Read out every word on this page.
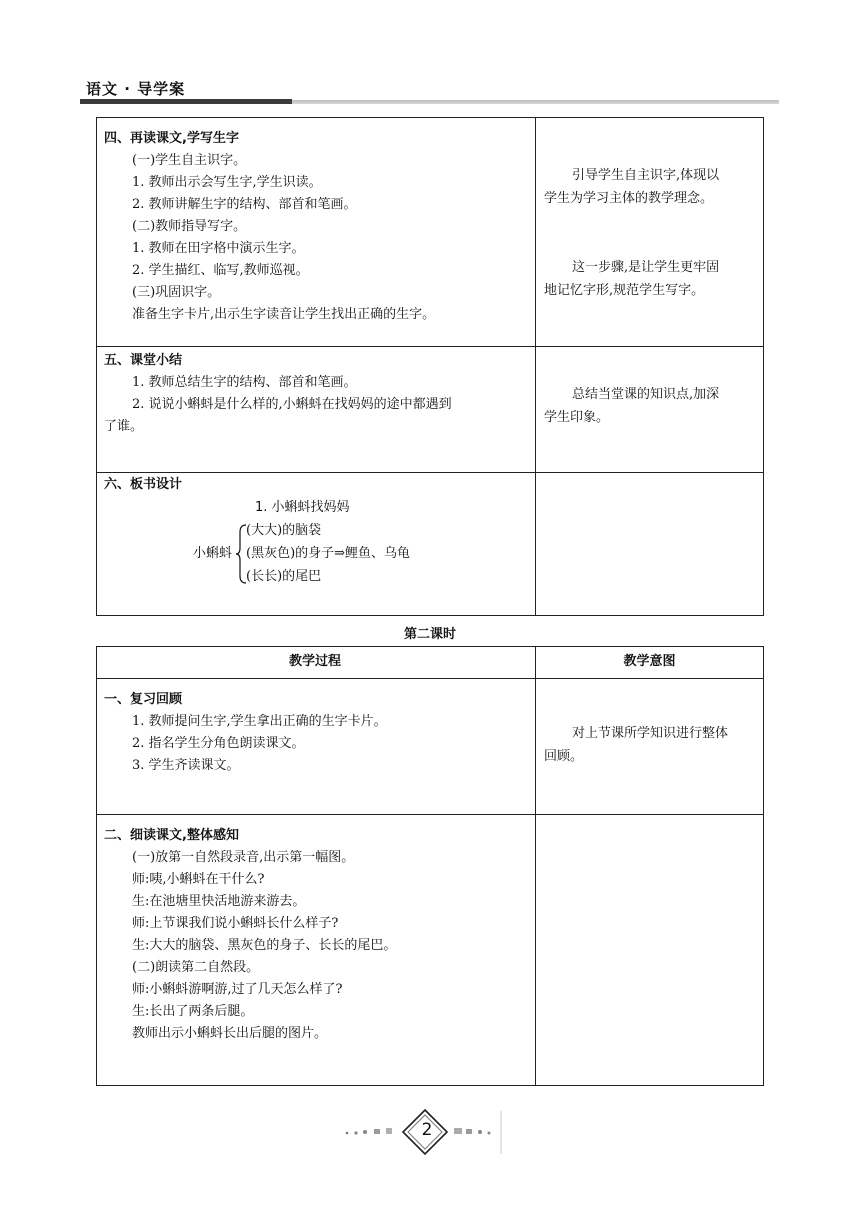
语文 · 导学案
四、再读课文,学写生字
(一)学生自主识字。
1. 教师出示会写生字,学生识读。
2. 教师讲解生字的结构、部首和笔画。
(二)教师指导写字。
1. 教师在田字格中演示生字。
2. 学生描红、临写,教师巡视。
(三)巩固识字。
准备生字卡片,出示生字读音让学生找出正确的生字。
引导学生自主识字,体现以
学生为学习主体的教学理念。
这一步骤,是让学生更牢固
地记忆字形,规范学生写字。
五、课堂小结
1. 教师总结生字的结构、部首和笔画。
2. 说说小蝌蚪是什么样的,小蝌蚪在找妈妈的途中都遇到
了谁。
总结当堂课的知识点,加深
学生印象。
六、板书设计
1. 小蝌蚪找妈妈
小蝌蚪
(大大)的脑袋
(黑灰色)的身子⇒鲤鱼、乌龟
(长长)的尾巴
第二课时
教学过程	教学意图
一、复习回顾
1. 教师提问生字,学生拿出正确的生字卡片。
2. 指名学生分角色朗读课文。
3. 学生齐读课文。
对上节课所学知识进行整体
回顾。
二、细读课文,整体感知
(一)放第一自然段录音,出示第一幅图。
师:咦,小蝌蚪在干什么?
生:在池塘里快活地游来游去。
师:上节课我们说小蝌蚪长什么样子?
生:大大的脑袋、黑灰色的身子、长长的尾巴。
(二)朗读第二自然段。
师:小蝌蚪游啊游,过了几天怎么样了?
生:长出了两条后腿。
教师出示小蝌蚪长出后腿的图片。
2
